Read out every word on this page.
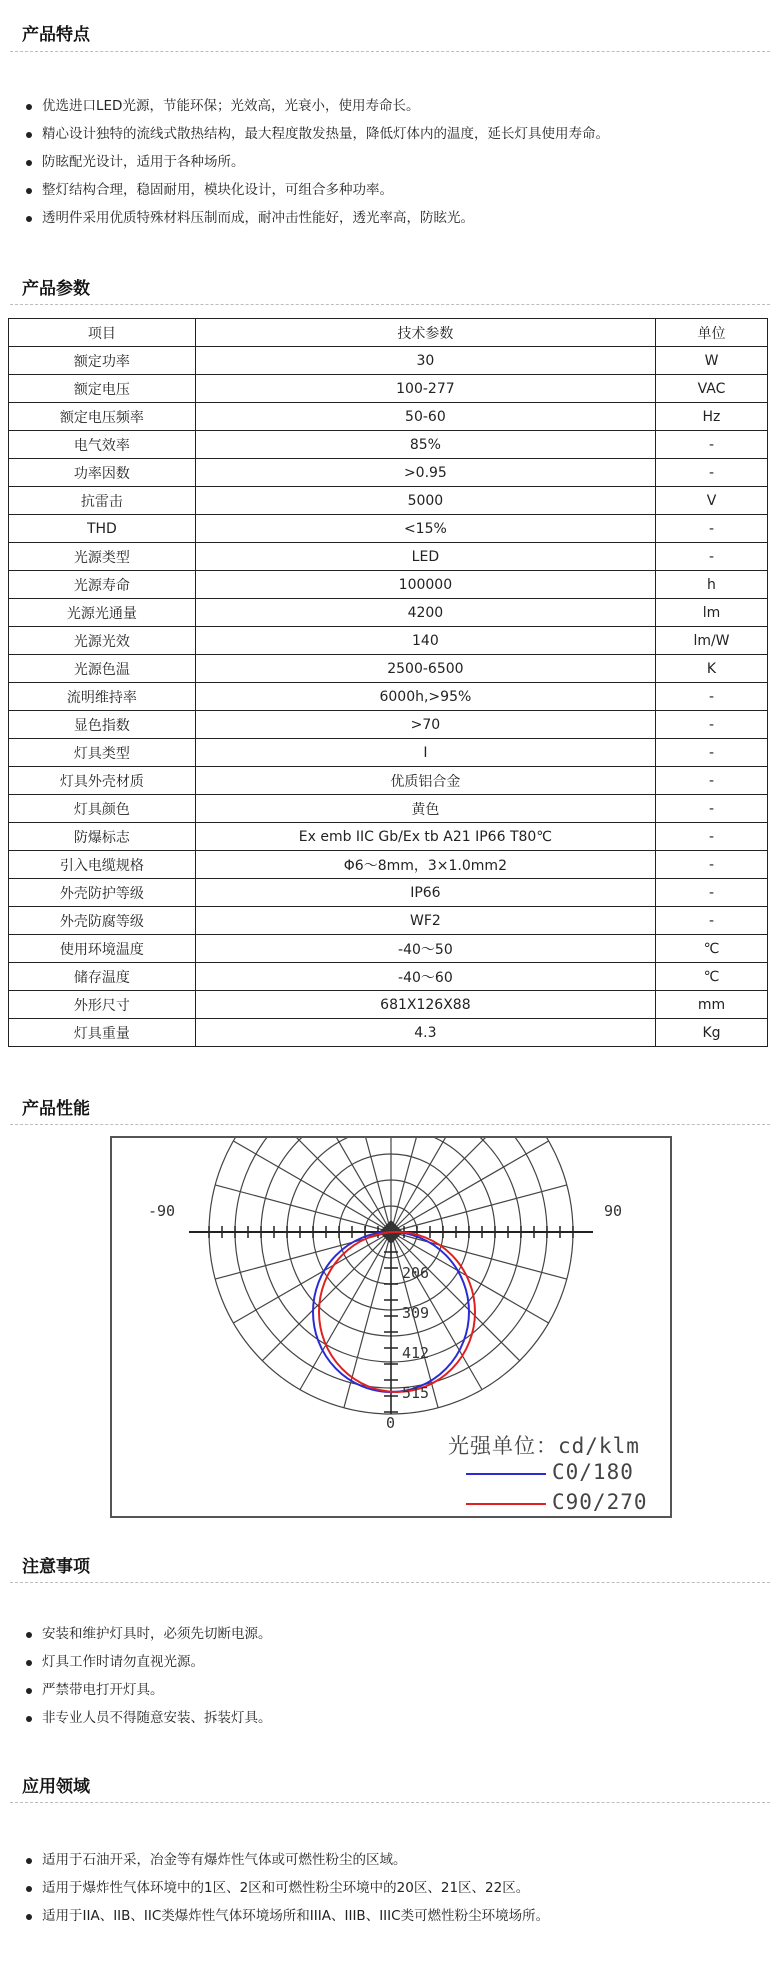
产品特点
优选进口LED光源，节能环保；光效高，光衰小，使用寿命长。
精心设计独特的流线式散热结构，最大程度散发热量，降低灯体内的温度，延长灯具使用寿命。
防眩配光设计，适用于各种场所。
整灯结构合理，稳固耐用，模块化设计，可组合多种功率。
透明件采用优质特殊材料压制而成，耐冲击性能好，透光率高，防眩光。
产品参数
项目	技术参数	单位
额定功率	30	W
额定电压	100-277	VAC
额定电压频率	50-60	Hz
电气效率	85%	-
功率因数	>0.95	-
抗雷击	5000	V
THD	<15%	-
光源类型	LED	-
光源寿命	100000	h
光源光通量	4200	lm
光源光效	140	lm/W
光源色温	2500-6500	K
流明维持率	6000h,>95%	-
显色指数	>70	-
灯具类型	I	-
灯具外壳材质	优质铝合金	-
灯具颜色	黄色	-
防爆标志	Ex emb IIC Gb/Ex tb A21 IP66 T80℃	-
引入电缆规格	Φ6～8mm，3×1.0mm2	-
外壳防护等级	IP66	-
外壳防腐等级	WF2	-
使用环境温度	-40～50	℃
储存温度	-40～60	℃
外形尺寸	681X126X88	mm
灯具重量	4.3	Kg
产品性能
-90	90
0
206
309
412
515
光强单位：cd/klm
C0/180
C90/270
注意事项
安装和维护灯具时，必须先切断电源。
灯具工作时请勿直视光源。
严禁带电打开灯具。
非专业人员不得随意安装、拆装灯具。
应用领域
适用于石油开采，冶金等有爆炸性气体或可燃性粉尘的区域。
适用于爆炸性气体环境中的1区、2区和可燃性粉尘环境中的20区、21区、22区。
适用于IIA、IIB、IIC类爆炸性气体环境场所和IIIA、IIIB、IIIC类可燃性粉尘环境场所。
